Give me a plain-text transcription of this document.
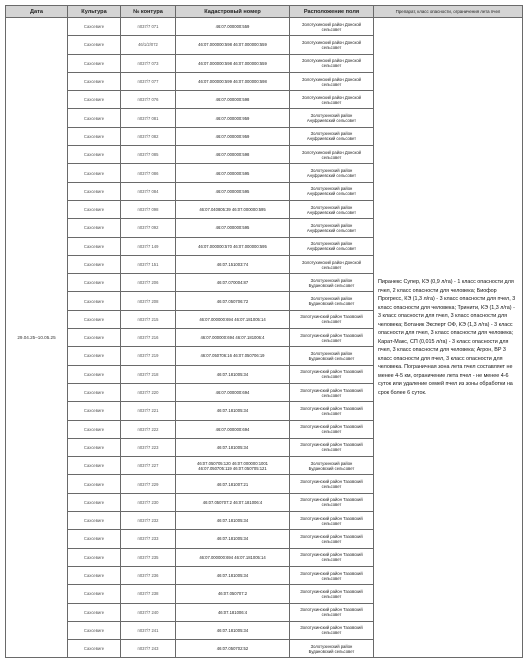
Дата	Культура	№ контура	Кадастровый номер	Расположение поля	Препарат, класс опасности, ограничения лета пчел
29.04.25–10.05.25	Сахсевиге	п037/7 071	46:07.000000:559	Золотухинский район Донской
сельсовет	Пиранекс Супер, КЭ (0,9 л/га) - 1 класс опасности для пчел, 2 класс опасности для человека; Биофор Прогресс, КЭ (1,3 л/га) - 3 класс опасности для пчел, 3 класс опасности для человека; Тринити, КЭ (1,3 л/га) - 3 класс опасности для пчел, 3 класс опасности для человека; Ботаник Эксперт ОФ, КЭ (1,3 л/га) - 3 класс опасности для пчел, 3 класс опасности для человека; Карат-Макс, СП (0,015 л/га) - 3 класс опасности для пчел, 3 класс опасности для человека; Агрон, ВР 3 класс опасности для пчел, 3 класс опасности для человека. Пограничная зона лета пчел составляет не менее 4-5 км, ограничение лета пчел - не менее 4-6 суток или удаление семей пчел из зоны обработки на срок более 6 суток.
	Сахсевиге	46/1/2/072	46:07.000000:598 46:07.000000:559	Золотухинский район Донской
сельсовет	
	Сахсевиге	п037/7 073	46:07.000000:598 46:07.000000:559	Золотухинский район Донской
сельсовет	
	Сахсевиге	п037/7 077	46:07.000000:599 46:07.000000:598	Золотухинский район Донской
сельсовет	
	Сахсевиге	п037/7 076	46:07.000000:598	Золотухинский район Донской
сельсовет	
	Сахсевиге	п037/7 081	46:07.000000:959	Золотухинский район
Ануфриевский сельсовет	
	Сахсевиге	п037/7 082	46:07.000000:959	Золотухинский район
Ануфриевский сельсовет	
	Сахсевиге	п037/7 085	46:07.000000:598	Золотухинский район Донской
сельсовет	
	Сахсевиге	п037/7 086	46:07.000000:595	Золотухинский район
Ануфриевский сельсовет	
	Сахсевиге	п037/7 084	46:07.000000:595	Золотухинский район
Ануфриевский сельсовет	
	Сахсевиге	п037/7 098	46:07.040805:39 46:07.000000:595	Золотухинский район
Ануфриевский сельсовет	
	Сахсевиге	п037/7 092	46:07.000000:595	Золотухинский район
Ануфриевский сельсовет	
	Сахсевиге	п037/7 149	46:07.000000:570 46:07.000000:595	Золотухинский район
Ануфриевский сельсовет	
	Сахсевиге	п037/7 151	46:07.151003:74	Золотухинский район Донской
сельсовет	
	Сахсевиге	п037/7 206	46:07.070004:87	Золотухинский район
Будановский сельсовет	
	Сахсевиге	п037/7 208	46:07.050706:72	Золотухинский район
Будановский сельсовет	
	Сахсевиге	п037/7 215	46:07.000000:694 46:07.181005:14	Золотухинский район Тазовский
сельсовет	
	Сахсевиге	п037/7 216	46:07.000000:694 46:07.181006:4	Золотухинский район Тазовский
сельсовет	
	Сахсевиге	п037/7 219	46:07.050706:16 46:07.050706:19	Золотухинский район
Будановский сельсовет	
	Сахсевиге	п037/7 218	46:07.181005:34	Золотухинский район Тазовский
сельсовет	
	Сахсевиге	п037/7 220	46:07.000000:694	Золотухинский район Тазовский
сельсовет	
	Сахсевиге	п037/7 221	46:07.181005:34	Золотухинский район Тазовский
сельсовет	
	Сахсевиге	п037/7 222	46:07.000000:694	Золотухинский район Тазовский
сельсовет	
	Сахсевиге	п037/7 223	46:07.181005:34	Золотухинский район Тазовский
сельсовет	
	Сахсевиге	п037/7 227	46:07.050705:120 46:07.000000:1001
46:07.050705:119 46:07.050705:121	Золотухинский район
Будановский сельсовет	
	Сахсевиге	п037/7 229	46:07.181007:21	Золотухинский район Тазовский
сельсовет	
	Сахсевиге	п037/7 230	46:07.050707:2 46:07.181006:4	Золотухинский район Тазовский
сельсовет	
	Сахсевиге	п037/7 232	46:07.181005:34	Золотухинский район Тазовский
сельсовет	
	Сахсевиге	п037/7 233	46:07.181005:34	Золотухинский район Тазовский
сельсовет	
	Сахсевиге	п037/7 235	46:07.000000:694 46:07.181005:14	Золотухинский район Тазовский
сельсовет	
	Сахсевиге	п037/7 236	46:07.181005:34	Золотухинский район Тазовский
сельсовет	
	Сахсевиге	п037/7 238	46:07.050707:2	Золотухинский район Тазовский
сельсовет	
	Сахсевиге	п037/7 240	46:07.181006:4	Золотухинский район Тазовский
сельсовет	
	Сахсевиге	п037/7 241	46:07.181005:34	Золотухинский район Тазовский
сельсовет	
	Сахсевиге	п037/7 243	46:07.050702:52	Золотухинский район
Будановский сельсовет	
